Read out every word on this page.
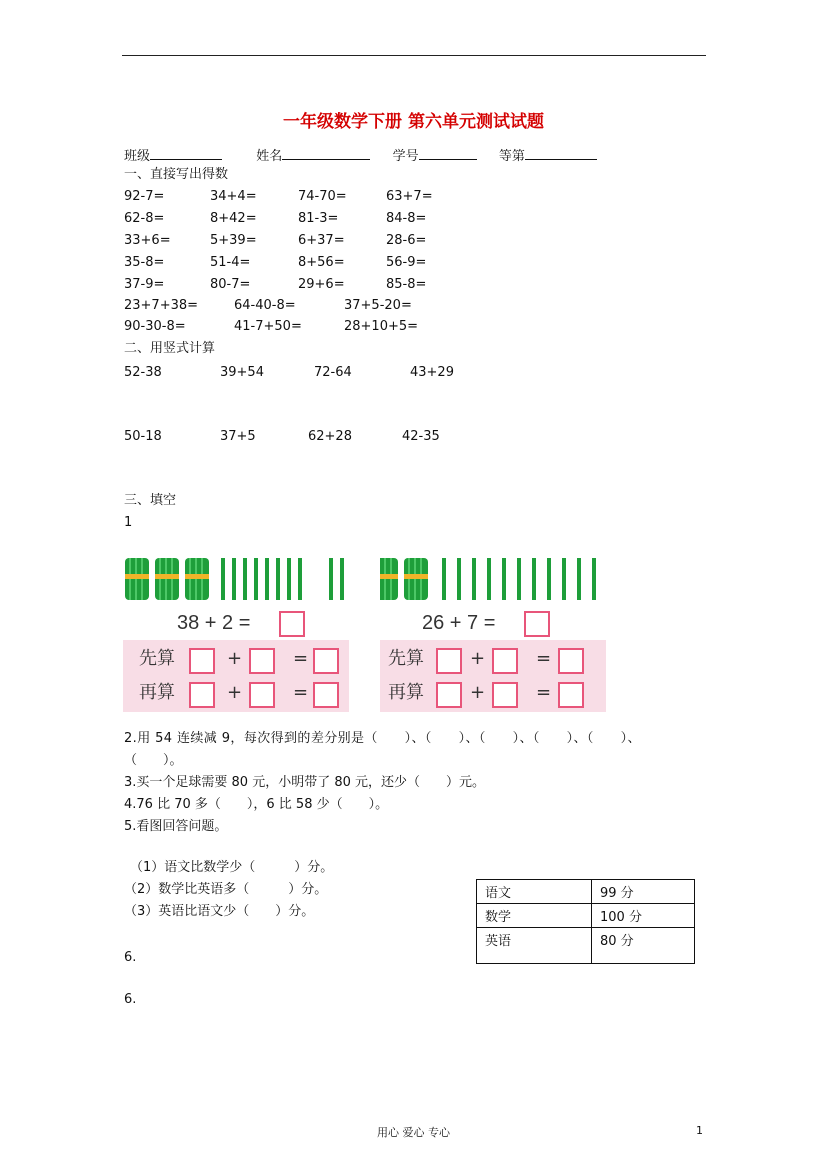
一年级数学下册 第六单元测试试题
班级	姓名	学号	等第
一、直接写出得数
92-7=	34+4=	74-70=	63+7=
62-8=	8+42=	81-3=	84-8=
33+6=	5+39=	6+37=	28-6=
35-8=	51-4=	8+56=	56-9=
37-9=	80-7=	29+6=	85-8=
23+7+38=	64-40-8=	37+5-20=
90-30-8=	41-7+50=	28+10+5=
二、用竖式计算
52-38	39+54	72-64	43+29
50-18	37+5	62+28	42-35
三、填空
1
38 + 2 =
先算	+	=
再算	+	=
26 + 7 =
先算	+	=
再算	+	=
2.用 54 连续减 9，每次得到的差分别是（　　）、（　　）、（　　）、（　　）、（　　）、
（　　）。
3.买一个足球需要 80 元，小明带了 80 元，还少（　　）元。
4.76 比 70 多（　　），6 比 58 少（　　）。
5.看图回答问题。
（1）语文比数学少（　　　）分。
（2）数学比英语多（　　　）分。
（3）英语比语文少（　　）分。
语文	99 分
数学	100 分
英语	80 分
6.
6.
用心 爱心 专心	1
